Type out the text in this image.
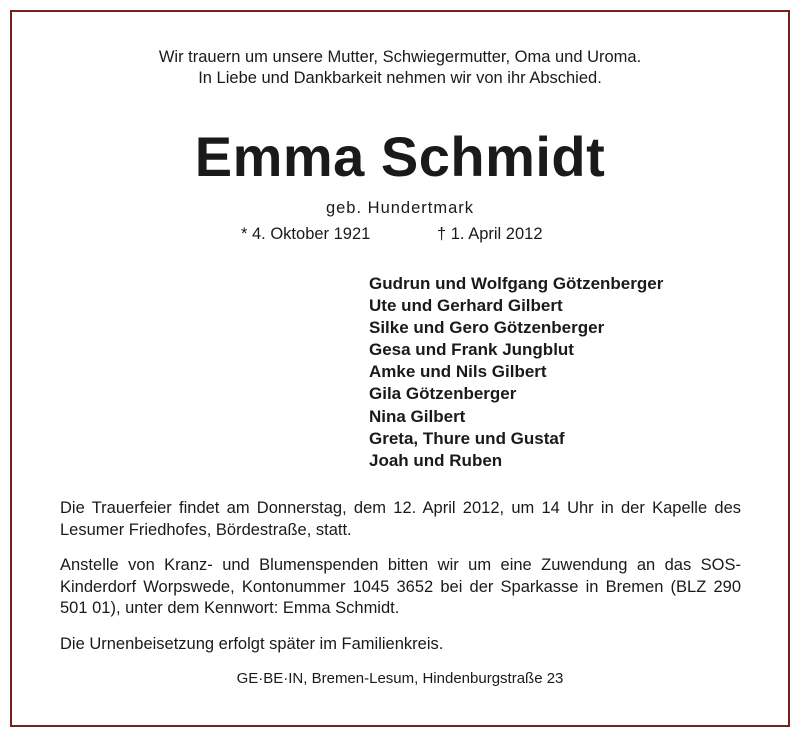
Wir trauern um unsere Mutter, Schwiegermutter, Oma und Uroma.
In Liebe und Dankbarkeit nehmen wir von ihr Abschied.
Emma Schmidt
geb. Hundertmark
* 4. Oktober 1921	† 1. April 2012
Gudrun und Wolfgang Götzenberger
Ute und Gerhard Gilbert
Silke und Gero Götzenberger
Gesa und Frank Jungblut
Amke und Nils Gilbert
Gila Götzenberger
Nina Gilbert
Greta, Thure und Gustaf
Joah und Ruben

Die Trauerfeier findet am Donnerstag, dem 12. April 2012, um 14 Uhr in der Kapelle des Lesumer Friedhofes, Bördestraße, statt.

Anstelle von Kranz- und Blumenspenden bitten wir um eine Zuwendung an das SOS-Kinderdorf Worpswede, Kontonummer 1045 3652 bei der Sparkasse in Bremen (BLZ 290 501 01), unter dem Kennwort: Emma Schmidt.

Die Urnenbeisetzung erfolgt später im Familienkreis.

GE·BE·IN, Bremen-Lesum, Hindenburgstraße 23
